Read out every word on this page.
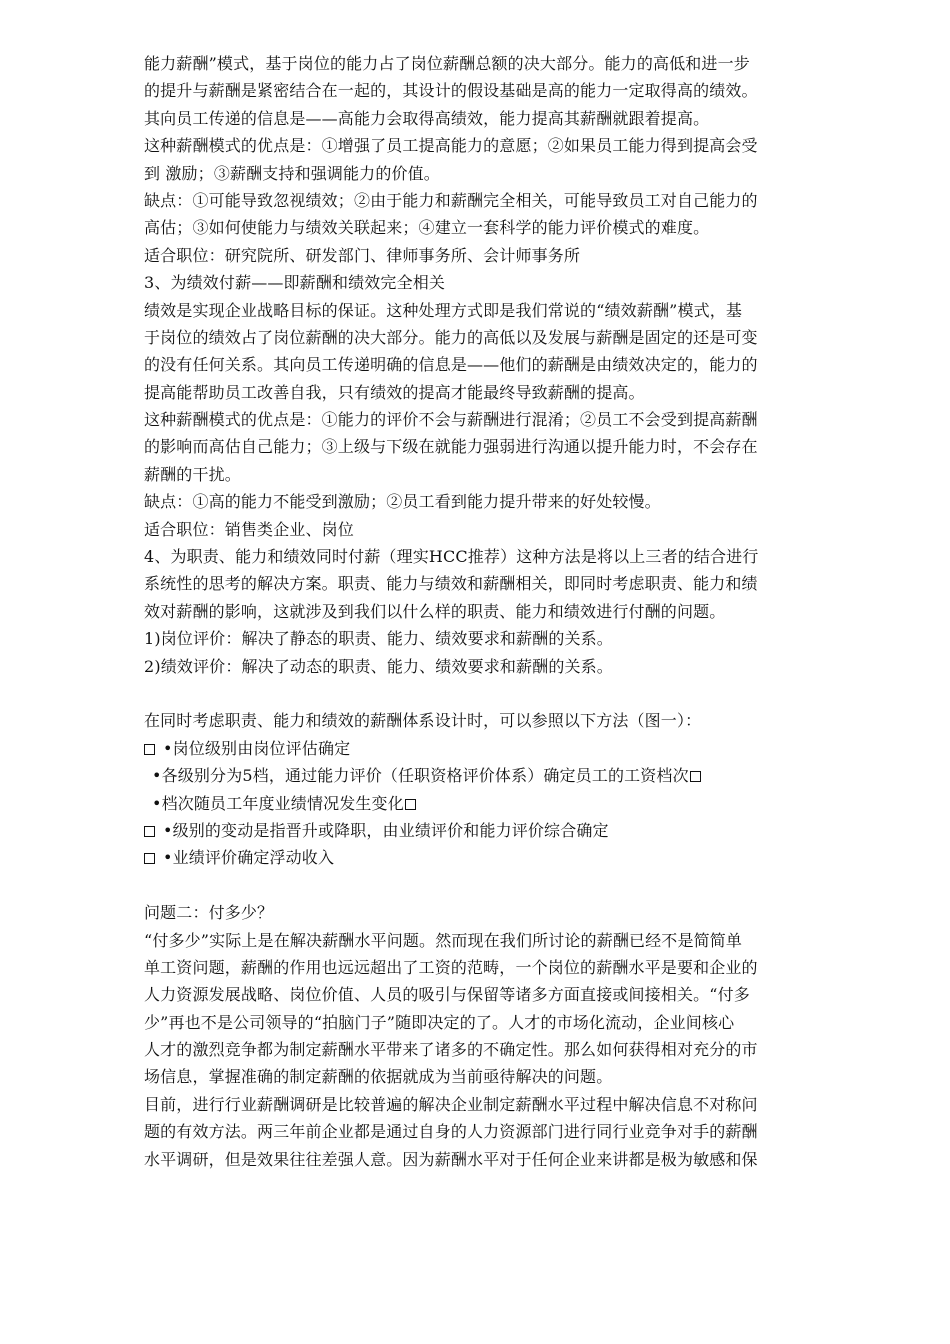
能力薪酬”模式，基于岗位的能力占了岗位薪酬总额的决大部分。能力的高低和进一步
的提升与薪酬是紧密结合在一起的，其设计的假设基础是高的能力一定取得高的绩效。
其向员工传递的信息是——高能力会取得高绩效，能力提高其薪酬就跟着提高。
这种薪酬模式的优点是：①增强了员工提高能力的意愿；②如果员工能力得到提高会受
到 激励；③薪酬支持和强调能力的价值。
缺点：①可能导致忽视绩效；②由于能力和薪酬完全相关，可能导致员工对自己能力的
高估；③如何使能力与绩效关联起来；④建立一套科学的能力评价模式的难度。
适合职位：研究院所、研发部门、律师事务所、会计师事务所
3、为绩效付薪——即薪酬和绩效完全相关
绩效是实现企业战略目标的保证。这种处理方式即是我们常说的“绩效薪酬”模式，基
于岗位的绩效占了岗位薪酬的决大部分。能力的高低以及发展与薪酬是固定的还是可变
的没有任何关系。其向员工传递明确的信息是——他们的薪酬是由绩效决定的，能力的
提高能帮助员工改善自我，只有绩效的提高才能最终导致薪酬的提高。
这种薪酬模式的优点是：①能力的评价不会与薪酬进行混淆；②员工不会受到提高薪酬
的影响而高估自己能力；③上级与下级在就能力强弱进行沟通以提升能力时，不会存在
薪酬的干扰。
缺点：①高的能力不能受到激励；②员工看到能力提升带来的好处较慢。
适合职位：销售类企业、岗位
4、为职责、能力和绩效同时付薪（理实HCC推荐）这种方法是将以上三者的结合进行
系统性的思考的解决方案。职责、能力与绩效和薪酬相关，即同时考虑职责、能力和绩
效对薪酬的影响，这就涉及到我们以什么样的职责、能力和绩效进行付酬的问题。
1)岗位评价：解决了静态的职责、能力、绩效要求和薪酬的关系。
2)绩效评价：解决了动态的职责、能力、绩效要求和薪酬的关系。
在同时考虑职责、能力和绩效的薪酬体系设计时，可以参照以下方法（图一）：
•岗位级别由岗位评估确定
•各级别分为5档，通过能力评价（任职资格评价体系）确定员工的工资档次
•档次随员工年度业绩情况发生变化
•级别的变动是指晋升或降职，由业绩评价和能力评价综合确定
•业绩评价确定浮动收入
问题二：付多少？
“付多少”实际上是在解决薪酬水平问题。然而现在我们所讨论的薪酬已经不是简简单
单工资问题，薪酬的作用也远远超出了工资的范畴，一个岗位的薪酬水平是要和企业的
人力资源发展战略、岗位价值、人员的吸引与保留等诸多方面直接或间接相关。“付多
少”再也不是公司领导的“拍脑门子”随即决定的了。人才的市场化流动，企业间核心
人才的激烈竞争都为制定薪酬水平带来了诸多的不确定性。那么如何获得相对充分的市
场信息，掌握准确的制定薪酬的依据就成为当前亟待解决的问题。
目前，进行行业薪酬调研是比较普遍的解决企业制定薪酬水平过程中解决信息不对称问
题的有效方法。两三年前企业都是通过自身的人力资源部门进行同行业竞争对手的薪酬
水平调研，但是效果往往差强人意。因为薪酬水平对于任何企业来讲都是极为敏感和保
